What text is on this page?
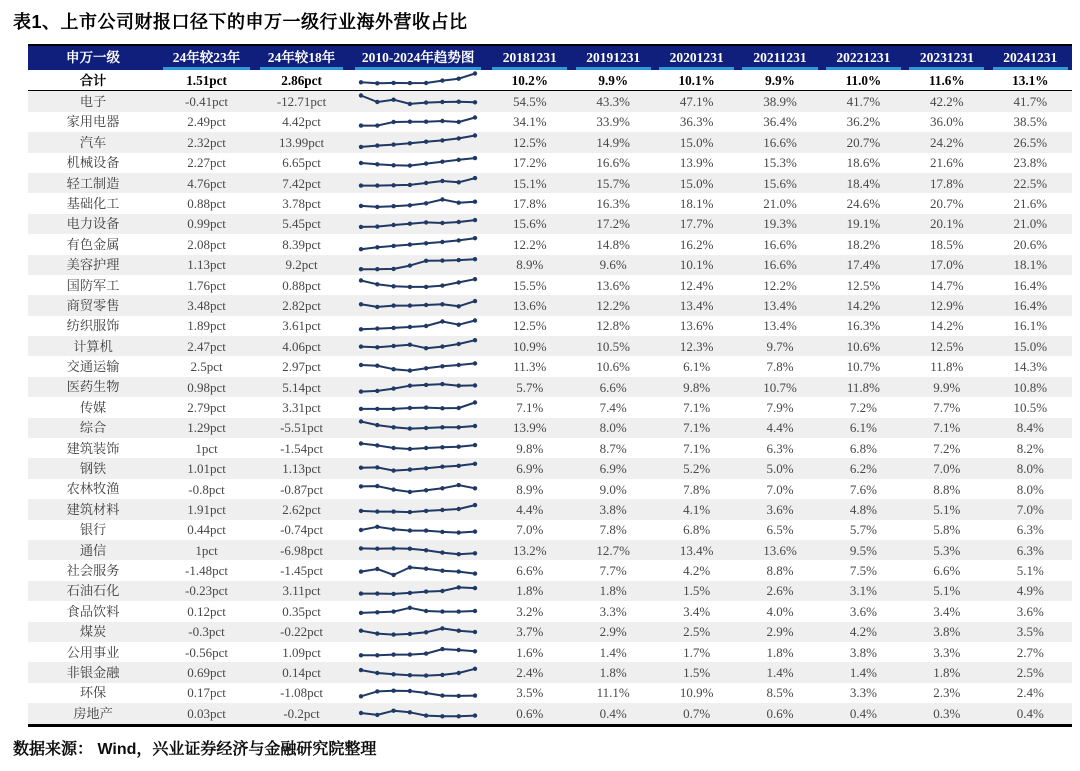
表1、上市公司财报口径下的申万一级行业海外营收占比
申万一级	24年较23年	24年较18年	2010-2024年趋势图	20181231	20191231	20201231	20211231	20221231	20231231	20241231
合计	1.51pct	2.86pct		10.2%	9.9%	10.1%	9.9%	11.0%	11.6%	13.1%
电子	-0.41pct	-12.71pct		54.5%	43.3%	47.1%	38.9%	41.7%	42.2%	41.7%
家用电器	2.49pct	4.42pct		34.1%	33.9%	36.3%	36.4%	36.2%	36.0%	38.5%
汽车	2.32pct	13.99pct		12.5%	14.9%	15.0%	16.6%	20.7%	24.2%	26.5%
机械设备	2.27pct	6.65pct		17.2%	16.6%	13.9%	15.3%	18.6%	21.6%	23.8%
轻工制造	4.76pct	7.42pct		15.1%	15.7%	15.0%	15.6%	18.4%	17.8%	22.5%
基础化工	0.88pct	3.78pct		17.8%	16.3%	18.1%	21.0%	24.6%	20.7%	21.6%
电力设备	0.99pct	5.45pct		15.6%	17.2%	17.7%	19.3%	19.1%	20.1%	21.0%
有色金属	2.08pct	8.39pct		12.2%	14.8%	16.2%	16.6%	18.2%	18.5%	20.6%
美容护理	1.13pct	9.2pct		8.9%	9.6%	10.1%	16.6%	17.4%	17.0%	18.1%
国防军工	1.76pct	0.88pct		15.5%	13.6%	12.4%	12.2%	12.5%	14.7%	16.4%
商贸零售	3.48pct	2.82pct		13.6%	12.2%	13.4%	13.4%	14.2%	12.9%	16.4%
纺织服饰	1.89pct	3.61pct		12.5%	12.8%	13.6%	13.4%	16.3%	14.2%	16.1%
计算机	2.47pct	4.06pct		10.9%	10.5%	12.3%	9.7%	10.6%	12.5%	15.0%
交通运输	2.5pct	2.97pct		11.3%	10.6%	6.1%	7.8%	10.7%	11.8%	14.3%
医药生物	0.98pct	5.14pct		5.7%	6.6%	9.8%	10.7%	11.8%	9.9%	10.8%
传媒	2.79pct	3.31pct		7.1%	7.4%	7.1%	7.9%	7.2%	7.7%	10.5%
综合	1.29pct	-5.51pct		13.9%	8.0%	7.1%	4.4%	6.1%	7.1%	8.4%
建筑装饰	1pct	-1.54pct		9.8%	8.7%	7.1%	6.3%	6.8%	7.2%	8.2%
钢铁	1.01pct	1.13pct		6.9%	6.9%	5.2%	5.0%	6.2%	7.0%	8.0%
农林牧渔	-0.8pct	-0.87pct		8.9%	9.0%	7.8%	7.0%	7.6%	8.8%	8.0%
建筑材料	1.91pct	2.62pct		4.4%	3.8%	4.1%	3.6%	4.8%	5.1%	7.0%
银行	0.44pct	-0.74pct		7.0%	7.8%	6.8%	6.5%	5.7%	5.8%	6.3%
通信	1pct	-6.98pct		13.2%	12.7%	13.4%	13.6%	9.5%	5.3%	6.3%
社会服务	-1.48pct	-1.45pct		6.6%	7.7%	4.2%	8.8%	7.5%	6.6%	5.1%
石油石化	-0.23pct	3.11pct		1.8%	1.8%	1.5%	2.6%	3.1%	5.1%	4.9%
食品饮料	0.12pct	0.35pct		3.2%	3.3%	3.4%	4.0%	3.6%	3.4%	3.6%
煤炭	-0.3pct	-0.22pct		3.7%	2.9%	2.5%	2.9%	4.2%	3.8%	3.5%
公用事业	-0.56pct	1.09pct		1.6%	1.4%	1.7%	1.8%	3.8%	3.3%	2.7%
非银金融	0.69pct	0.14pct		2.4%	1.8%	1.5%	1.4%	1.4%	1.8%	2.5%
环保	0.17pct	-1.08pct		3.5%	11.1%	10.9%	8.5%	3.3%	2.3%	2.4%
房地产	0.03pct	-0.2pct		0.6%	0.4%	0.7%	0.6%	0.4%	0.3%	0.4%
数据来源： Wind，兴业证券经济与金融研究院整理
